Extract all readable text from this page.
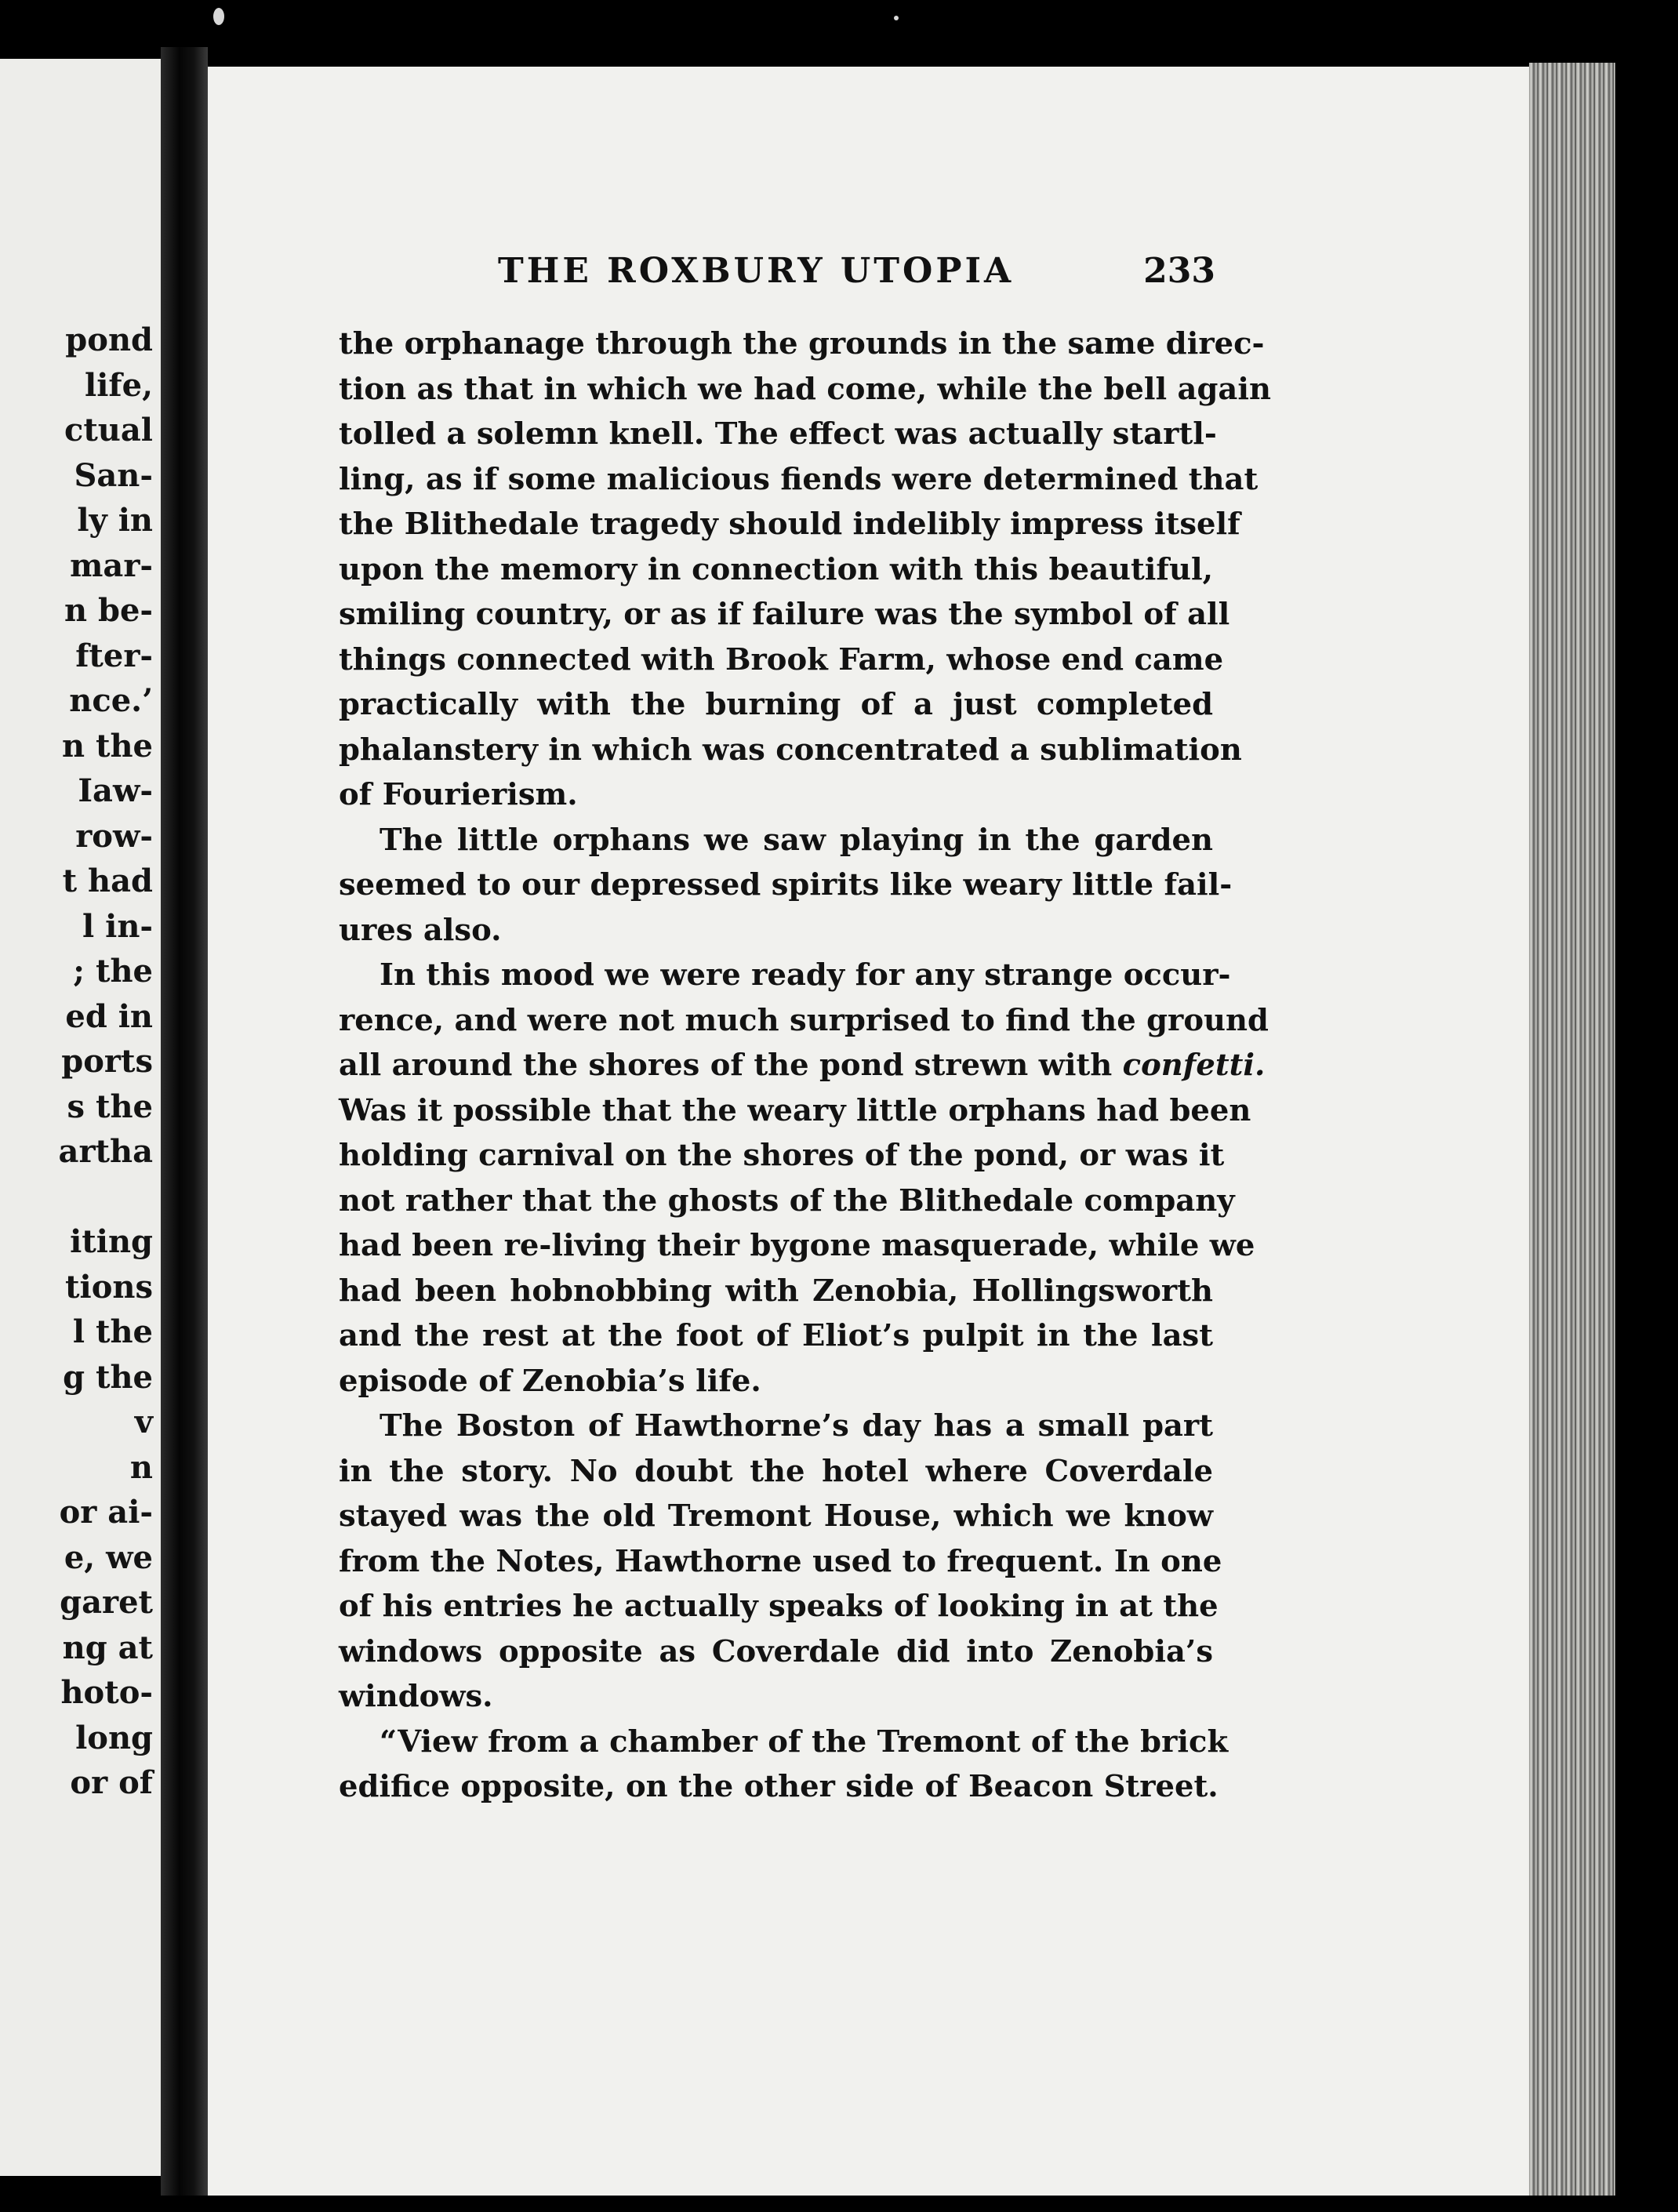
pond
life,
ctual
San-
ly in
mar-
n be-
fter-
nce.’
n the
Iaw-
row-
t had
l in-
; the
ed in
ports
s the
artha

iting
tions
l the
g the
v
n
or ai-
e, we
garet
ng at
hoto-
long
or of
THE ROXBURY UTOPIA	233
the orphanage through the grounds in the same direc-
tion as that in which we had come, while the bell again
tolled a solemn knell. The effect was actually startl-
ling, as if some malicious fiends were determined that
the Blithedale tragedy should indelibly impress itself
upon the memory in connection with this beautiful,
smiling country, or as if failure was the symbol of all
things connected with Brook Farm, whose end came
practically with the burning of a just completed
phalanstery in which was concentrated a sublimation
of Fourierism.
The little orphans we saw playing in the garden
seemed to our depressed spirits like weary little fail-
ures also.
In this mood we were ready for any strange occur-
rence, and were not much surprised to find the ground
all around the shores of the pond strewn with confetti.
Was it possible that the weary little orphans had been
holding carnival on the shores of the pond, or was it
not rather that the ghosts of the Blithedale company
had been re-living their bygone masquerade, while we
had been hobnobbing with Zenobia, Hollingsworth
and the rest at the foot of Eliot’s pulpit in the last
episode of Zenobia’s life.
The Boston of Hawthorne’s day has a small part
in the story. No doubt the hotel where Coverdale
stayed was the old Tremont House, which we know
from the Notes, Hawthorne used to frequent. In one
of his entries he actually speaks of looking in at the
windows opposite as Coverdale did into Zenobia’s
windows.
“View from a chamber of the Tremont of the brick
edifice opposite, on the other side of Beacon Street.
